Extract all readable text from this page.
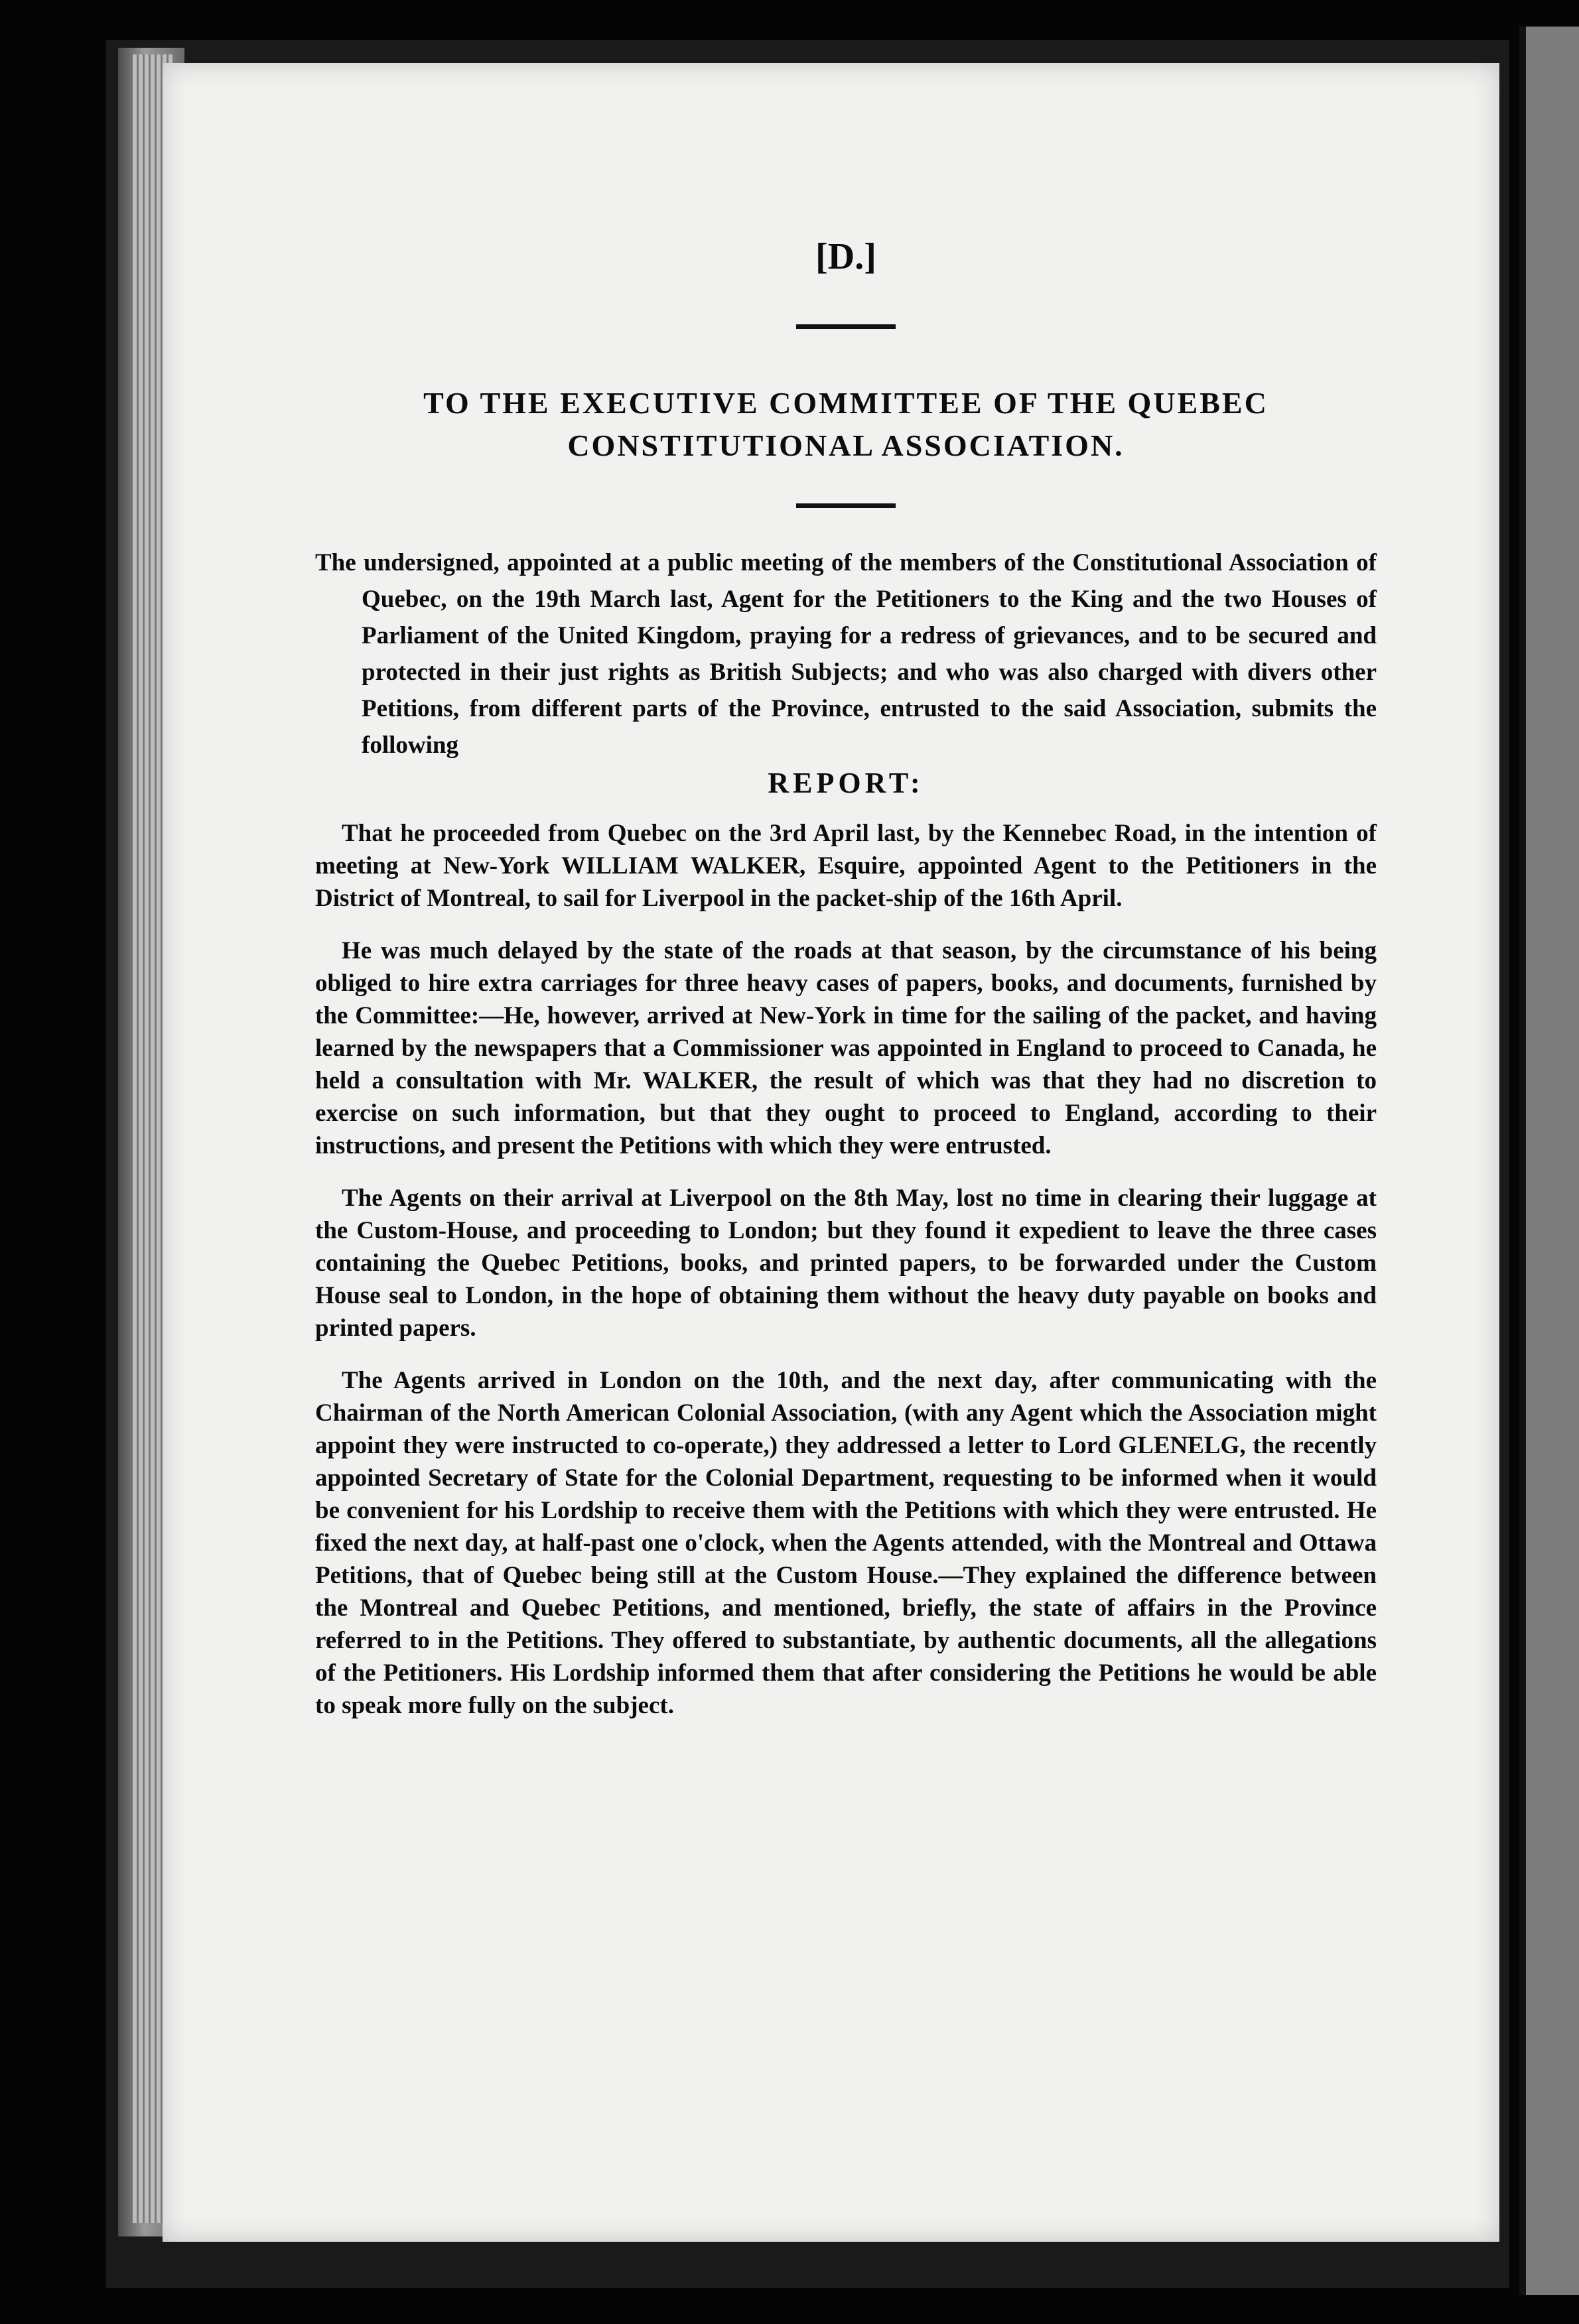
[D.]

TO THE EXECUTIVE COMMITTEE OF THE QUEBEC CONSTITUTIONAL ASSOCIATION.

The undersigned, appointed at a public meeting of the members of the Constitutional Association of Quebec, on the 19th March last, Agent for the Petitioners to the King and the two Houses of Parliament of the United Kingdom, praying for a redress of grievances, and to be secured and protected in their just rights as British Subjects; and who was also charged with divers other Petitions, from different parts of the Province, entrusted to the said Association, submits the following

REPORT:

That he proceeded from Quebec on the 3rd April last, by the Kennebec Road, in the intention of meeting at New-York WILLIAM WALKER, Esquire, appointed Agent to the Petitioners in the District of Montreal, to sail for Liverpool in the packet-ship of the 16th April.

He was much delayed by the state of the roads at that season, by the circumstance of his being obliged to hire extra carriages for three heavy cases of papers, books, and documents, furnished by the Committee:—He, however, arrived at New-York in time for the sailing of the packet, and having learned by the newspapers that a Commissioner was appointed in England to proceed to Canada, he held a consultation with Mr. WALKER, the result of which was that they had no discretion to exercise on such information, but that they ought to proceed to England, according to their instructions, and present the Petitions with which they were entrusted.

The Agents on their arrival at Liverpool on the 8th May, lost no time in clearing their luggage at the Custom-House, and proceeding to London; but they found it expedient to leave the three cases containing the Quebec Petitions, books, and printed papers, to be forwarded under the Custom House seal to London, in the hope of obtaining them without the heavy duty payable on books and printed papers.

The Agents arrived in London on the 10th, and the next day, after communicating with the Chairman of the North American Colonial Association, (with any Agent which the Association might appoint they were instructed to co-operate,) they addressed a letter to Lord GLENELG, the recently appointed Secretary of State for the Colonial Department, requesting to be informed when it would be convenient for his Lordship to receive them with the Petitions with which they were entrusted. He fixed the next day, at half-past one o'clock, when the Agents attended, with the Montreal and Ottawa Petitions, that of Quebec being still at the Custom House.—They explained the difference between the Montreal and Quebec Petitions, and mentioned, briefly, the state of affairs in the Province referred to in the Petitions. They offered to substantiate, by authentic documents, all the allegations of the Petitioners. His Lordship informed them that after considering the Petitions he would be able to speak more fully on the subject.
